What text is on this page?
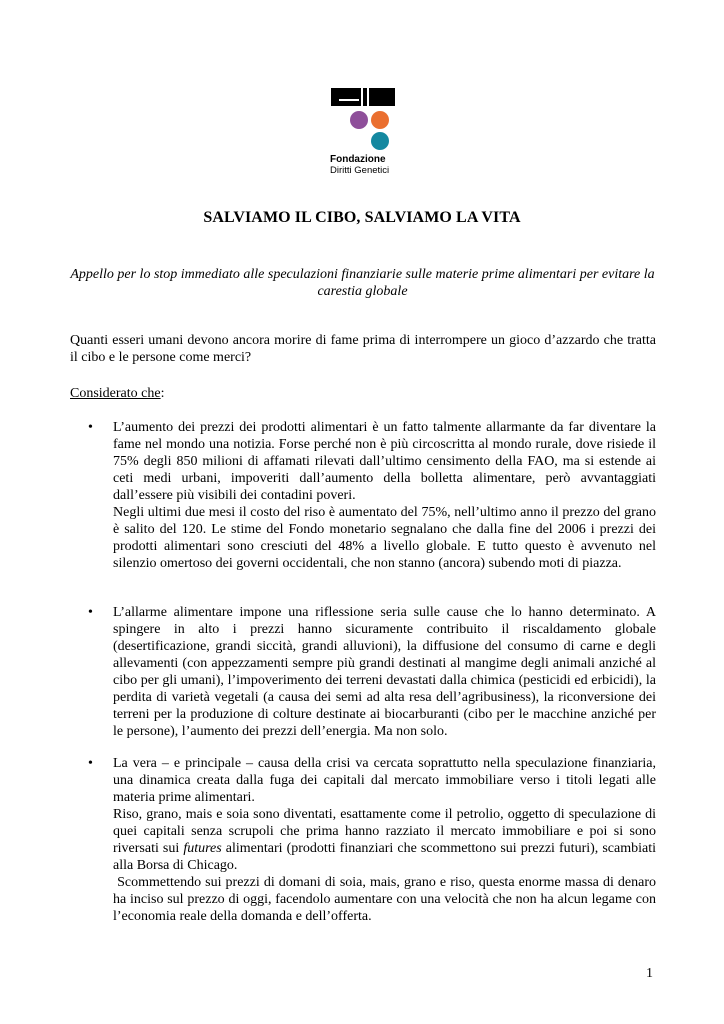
Fondazione
Diritti Genetici
SALVIAMO IL CIBO, SALVIAMO LA VITA
Appello per lo stop immediato alle speculazioni finanziarie sulle materie prime alimentari per evitare la carestia globale
Quanti esseri umani devono ancora morire di fame prima di interrompere un gioco d’azzardo che tratta il cibo e le persone come merci?
Considerato che:
• L’aumento dei prezzi dei prodotti alimentari è un fatto talmente allarmante da far diventare la fame nel mondo una notizia. Forse perché non è più circoscritta al mondo rurale, dove risiede il 75% degli 850 milioni di affamati rilevati dall’ultimo censimento della FAO, ma si estende ai ceti medi urbani, impoveriti dall’aumento della bolletta alimentare, però avvantaggiati dall’essere più visibili dei contadini poveri.

Negli ultimi due mesi il costo del riso è aumentato del 75%, nell’ultimo anno il prezzo del grano è salito del 120. Le stime del Fondo monetario segnalano che dalla fine del 2006 i prezzi dei prodotti alimentari sono cresciuti del 48% a livello globale. E tutto questo è avvenuto nel silenzio omertoso dei governi occidentali, che non stanno (ancora) subendo moti di piazza.

• L’allarme alimentare impone una riflessione seria sulle cause che lo hanno determinato. A spingere in alto i prezzi hanno sicuramente contribuito il riscaldamento globale (desertificazione, grandi siccità, grandi alluvioni), la diffusione del consumo di carne e degli allevamenti (con appezzamenti sempre più grandi destinati al mangime degli animali anziché al cibo per gli umani), l’impoverimento dei terreni devastati dalla chimica (pesticidi ed erbicidi), la perdita di varietà vegetali (a causa dei semi ad alta resa dell’agribusiness), la riconversione dei terreni per la produzione di colture destinate ai biocarburanti (cibo per le macchine anziché per le persone), l’aumento dei prezzi dell’energia. Ma non solo.

• La vera – e principale – causa della crisi va cercata soprattutto nella speculazione finanziaria, una dinamica creata dalla fuga dei capitali dal mercato immobiliare verso i titoli legati alle materia prime alimentari.

Riso, grano, mais e soia sono diventati, esattamente come il petrolio, oggetto di speculazione di quei capitali senza scrupoli che prima hanno razziato il mercato immobiliare e poi si sono riversati sui futures alimentari (prodotti finanziari che scommettono sui prezzi futuri), scambiati alla Borsa di Chicago.

Scommettendo sui prezzi di domani di soia, mais, grano e riso, questa enorme massa di denaro ha inciso sul prezzo di oggi, facendolo aumentare con una velocità che non ha alcun legame con l’economia reale della domanda e dell’offerta.

1
